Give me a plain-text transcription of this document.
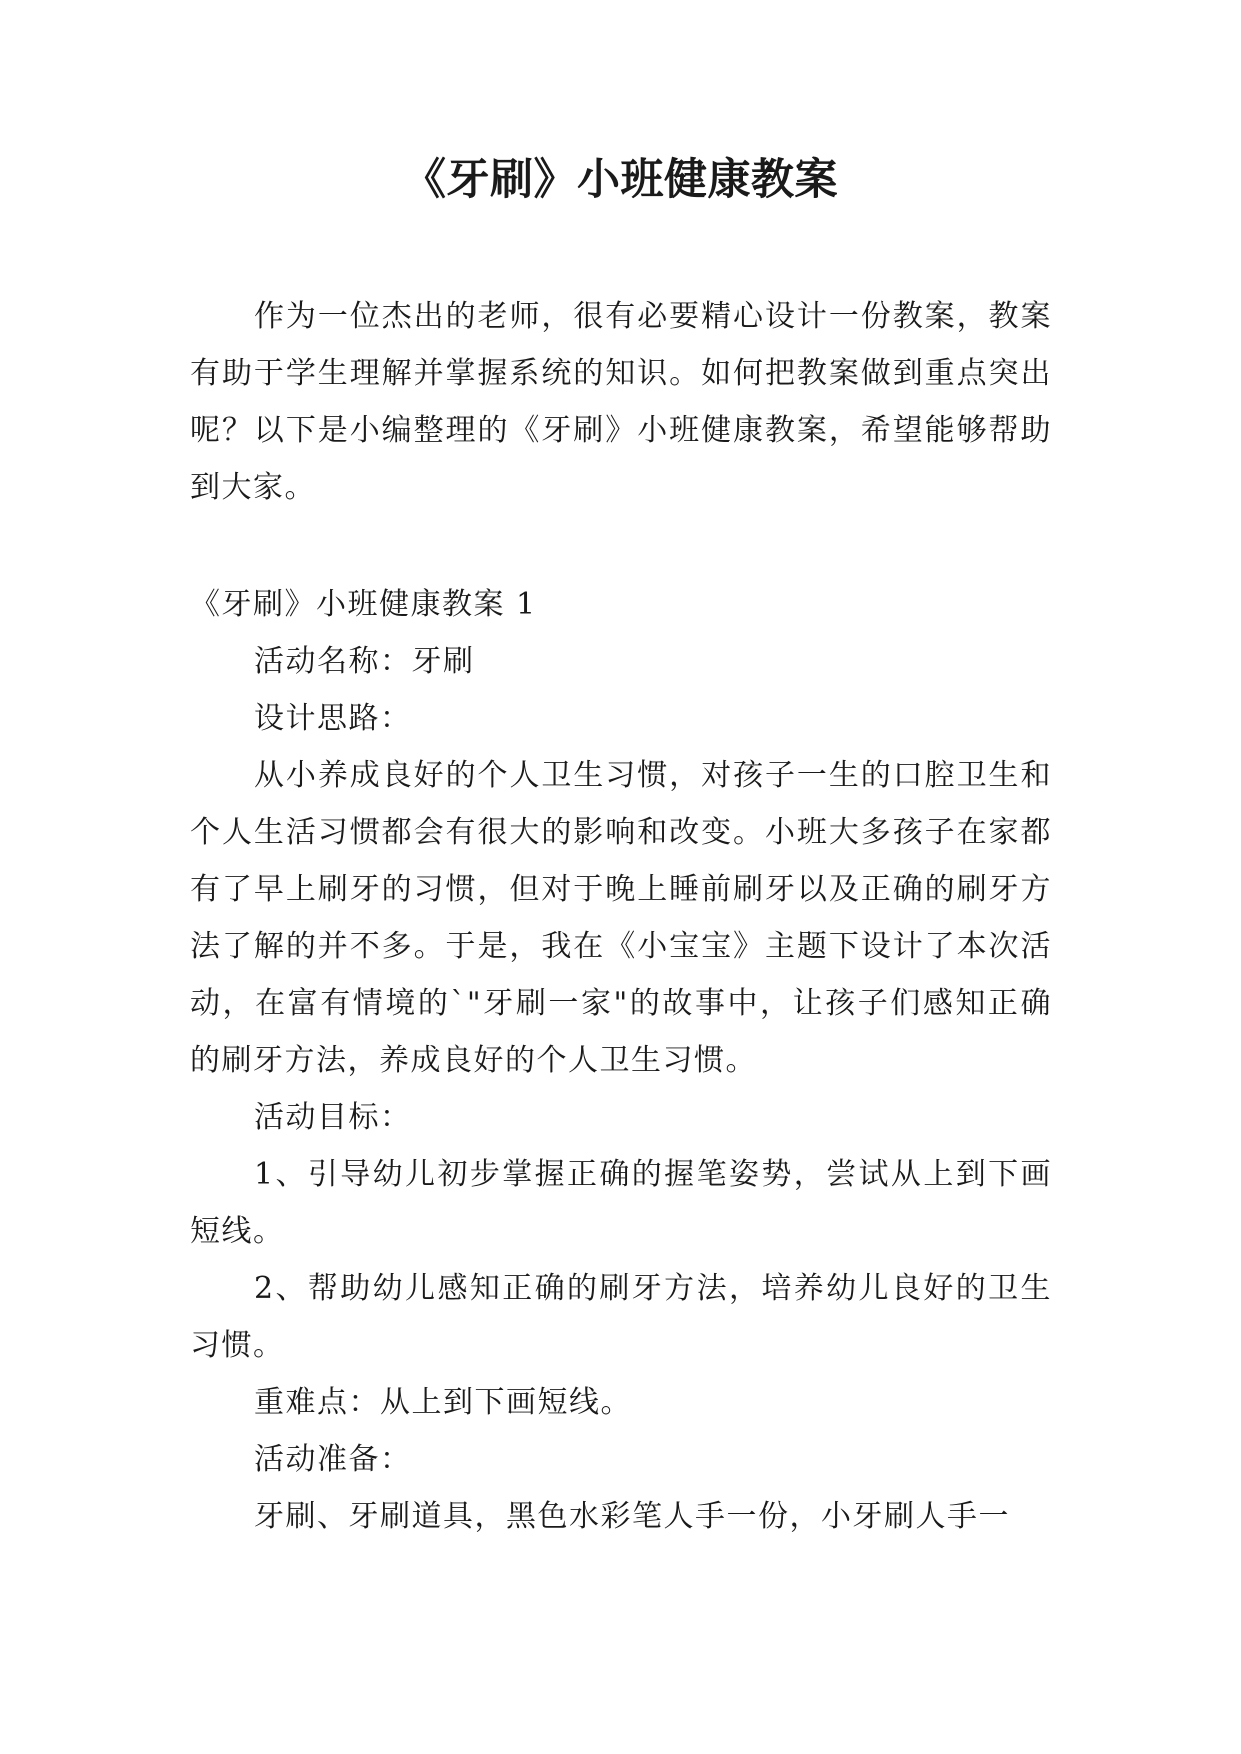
《牙刷》小班健康教案

作为一位杰出的老师，很有必要精心设计一份教案，教案有助于学生理解并掌握系统的知识。如何把教案做到重点突出呢？以下是小编整理的《牙刷》小班健康教案，希望能够帮助到大家。

《牙刷》小班健康教案 1

活动名称：牙刷

设计思路：

从小养成良好的个人卫生习惯，对孩子一生的口腔卫生和个人生活习惯都会有很大的影响和改变。小班大多孩子在家都有了早上刷牙的习惯，但对于晚上睡前刷牙以及正确的刷牙方法了解的并不多。于是，我在《小宝宝》主题下设计了本次活动，在富有情境的`"牙刷一家"的故事中，让孩子们感知正确的刷牙方法，养成良好的个人卫生习惯。

活动目标：

1、引导幼儿初步掌握正确的握笔姿势，尝试从上到下画短线。

2、帮助幼儿感知正确的刷牙方法，培养幼儿良好的卫生习惯。

重难点：从上到下画短线。

活动准备：

牙刷、牙刷道具，黑色水彩笔人手一份，小牙刷人手一
